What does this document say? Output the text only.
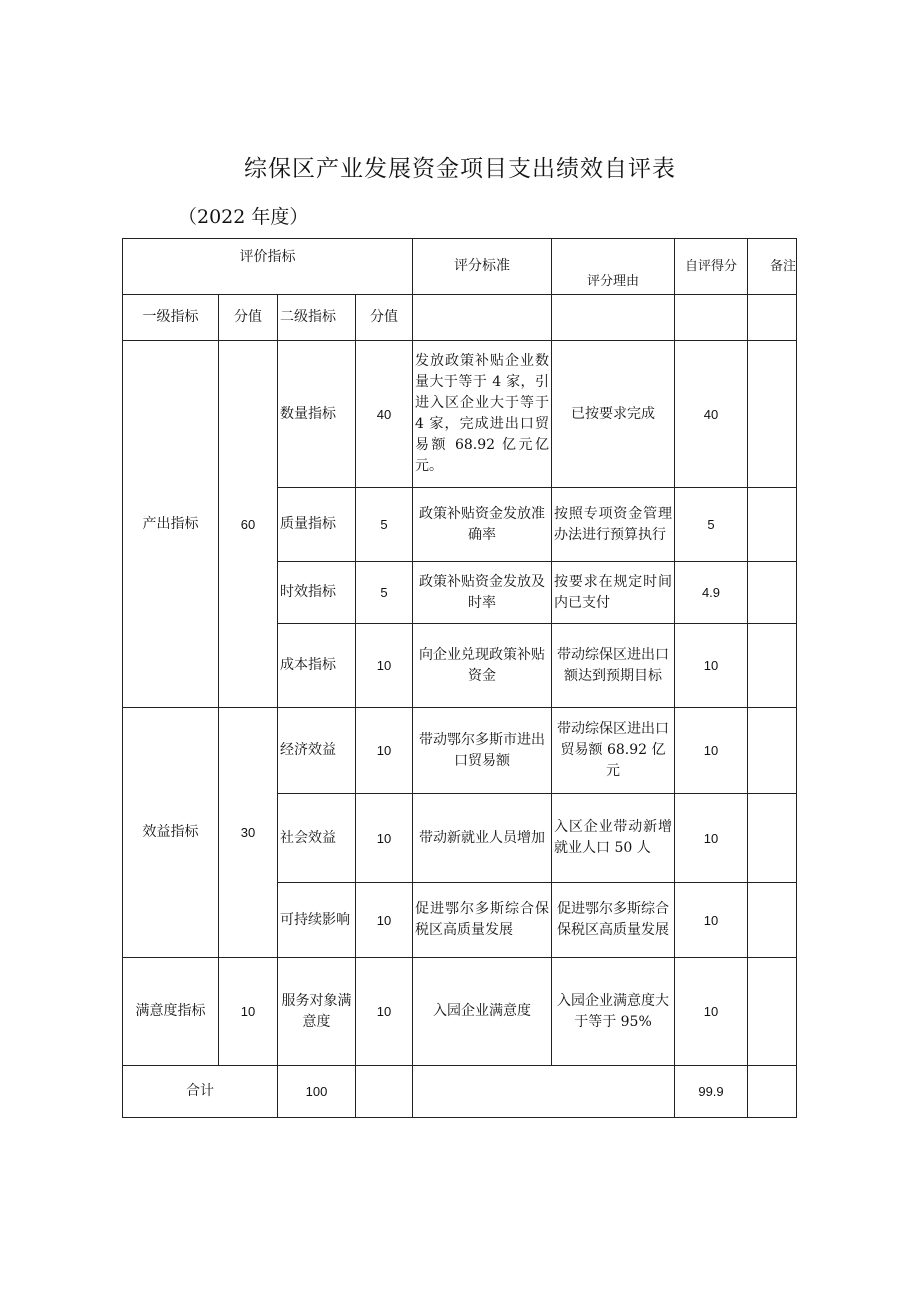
综保区产业发展资金项目支出绩效自评表
（2022 年度）
评价指标				评分标准	评分理由	自评得分	备注
一级指标	分值	二级指标	分值				
产出指标	60	数量指标	40	发放政策补贴企业数量大于等于 4 家，引进入区企业大于等于 4 家，完成进出口贸易额 68.92 亿元亿元。	已按要求完成	40	
		质量指标	5	政策补贴资金发放准确率	按照专项资金管理办法进行预算执行	5	
		时效指标	5	政策补贴资金发放及时率	按要求在规定时间内已支付	4.9	
		成本指标	10	向企业兑现政策补贴资金	带动综保区进出口额达到预期目标	10	
效益指标	30	经济效益	10	带动鄂尔多斯市进出口贸易额	带动综保区进出口贸易额 68.92 亿元	10	
		社会效益	10	带动新就业人员增加	入区企业带动新增就业人口 50 人	10	
		可持续影响	10	促进鄂尔多斯综合保税区高质量发展	促进鄂尔多斯综合保税区高质量发展	10	
满意度指标	10	服务对象满意度	10	入园企业满意度	入园企业满意度大于等于 95%	10	
合计		100				99.9	
